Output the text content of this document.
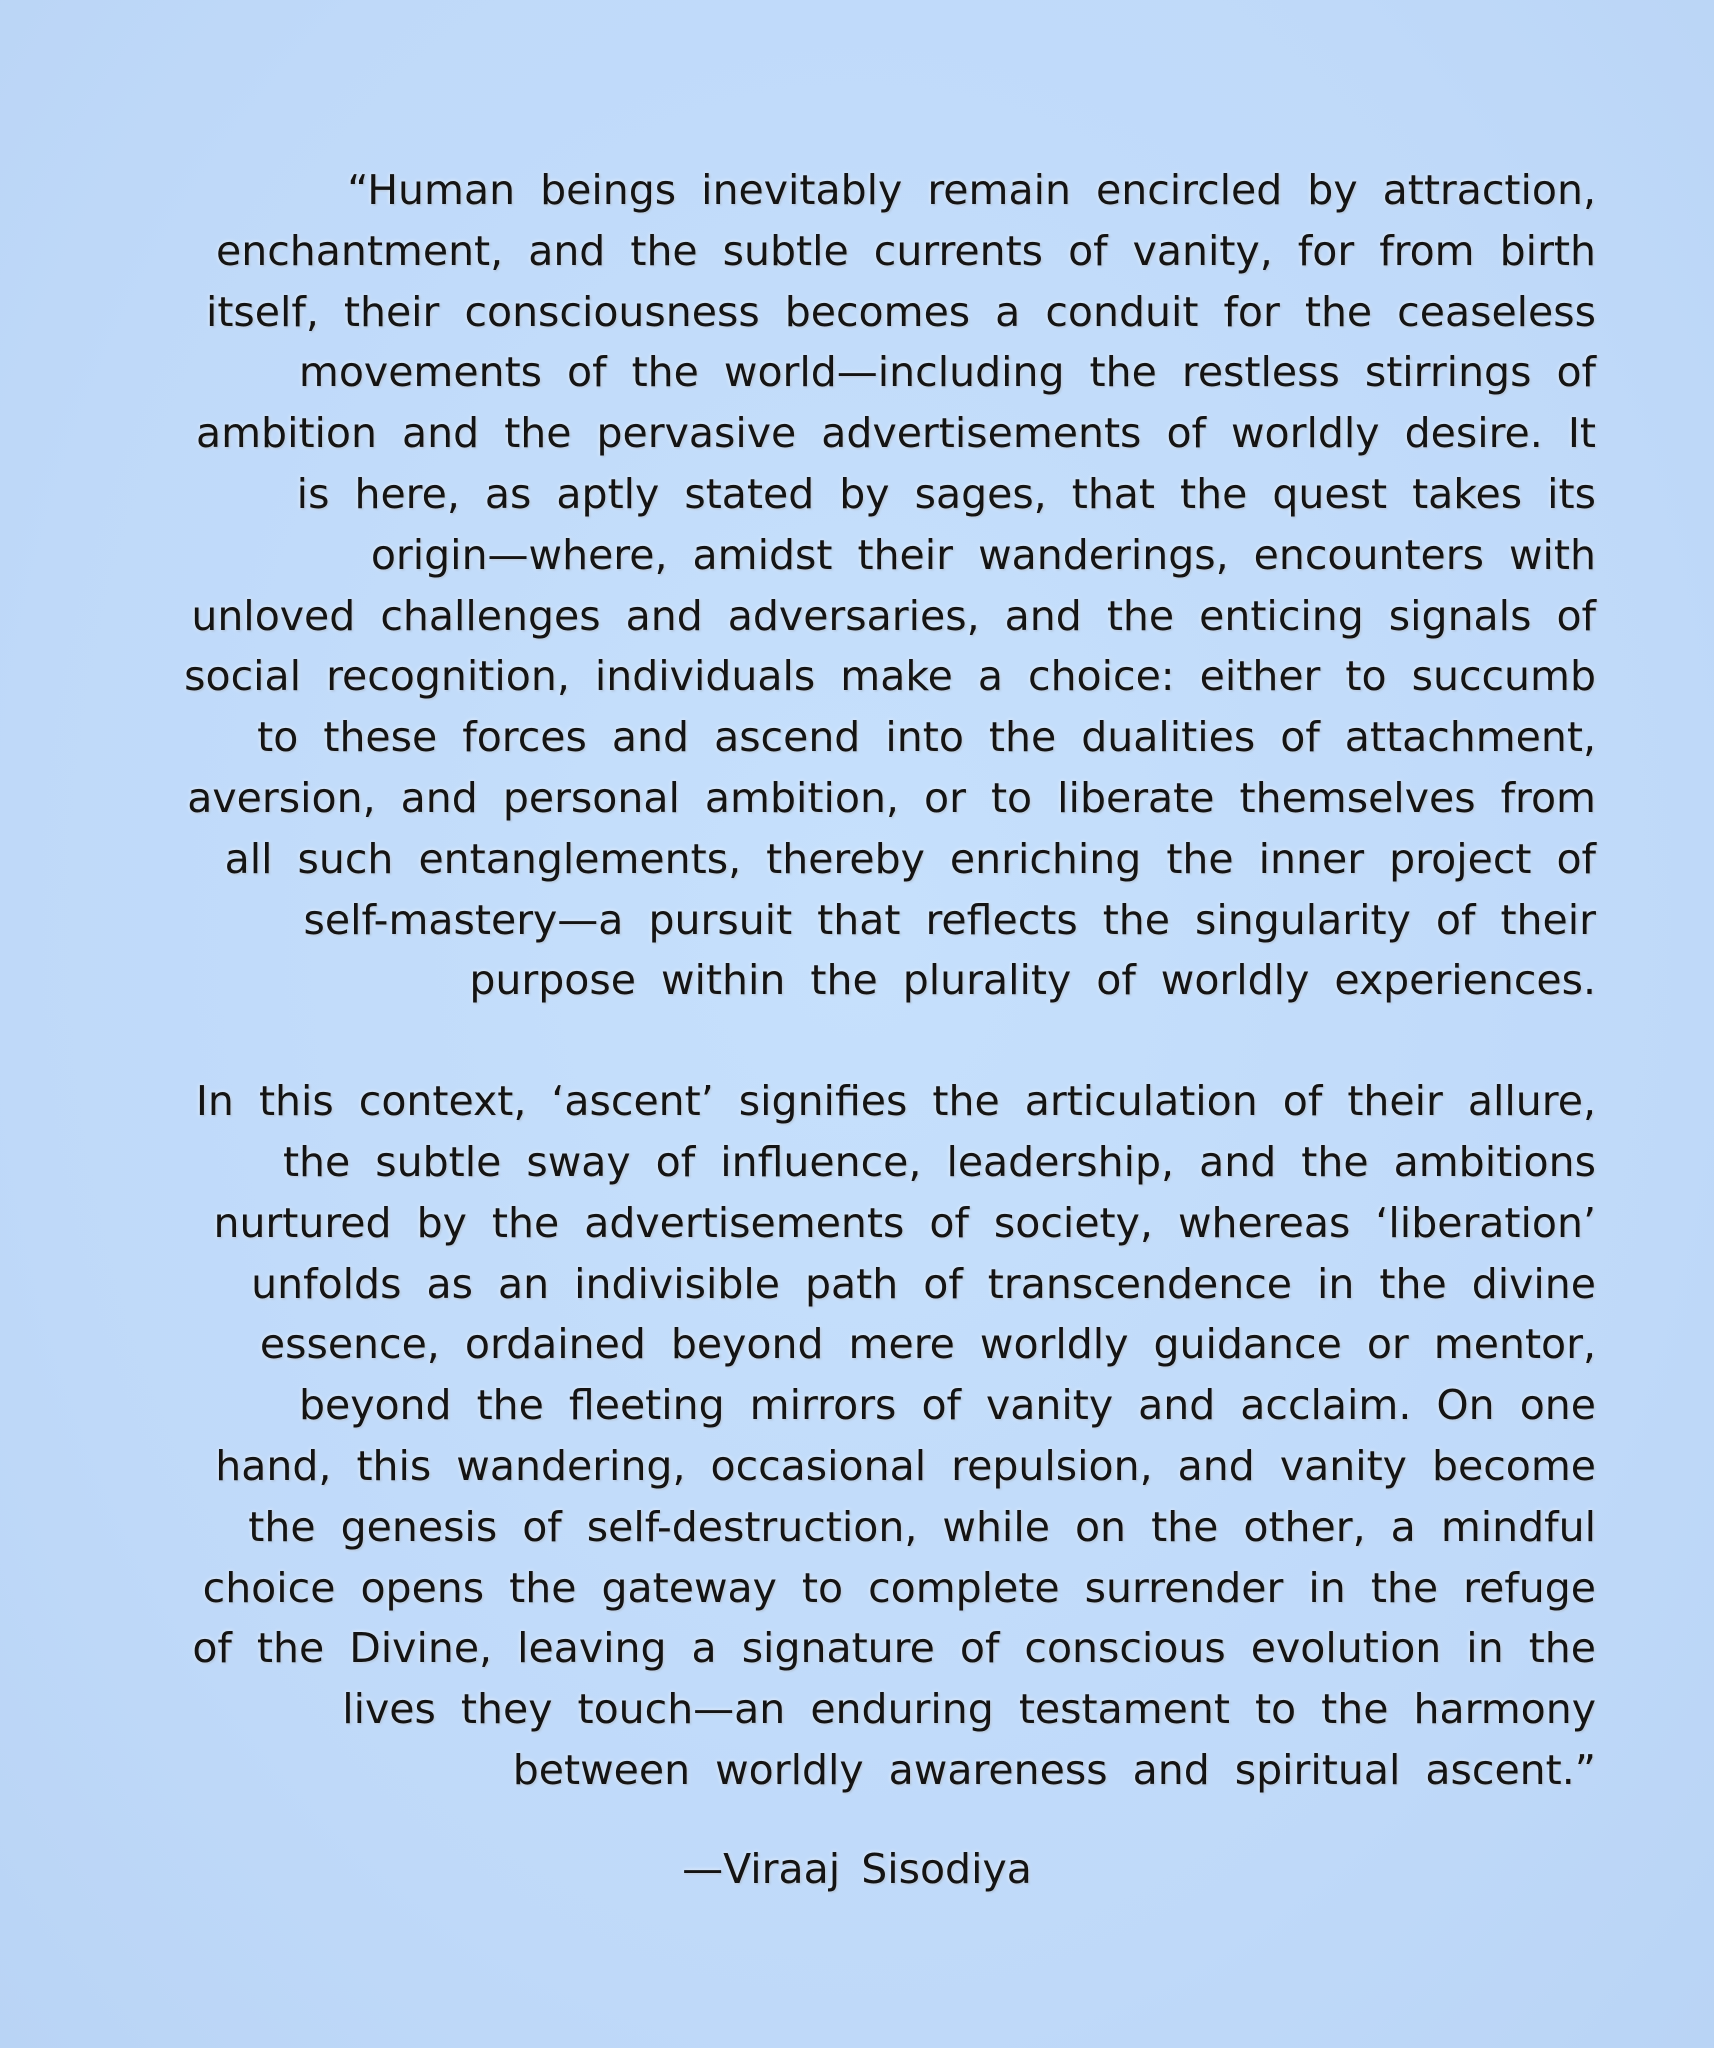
“Human beings inevitably remain encircled by attraction,
enchantment, and the subtle currents of vanity, for from birth
itself, their consciousness becomes a conduit for the ceaseless
movements of the world—including the restless stirrings of
ambition and the pervasive advertisements of worldly desire. It
is here, as aptly stated by sages, that the quest takes its
origin—where, amidst their wanderings, encounters with
unloved challenges and adversaries, and the enticing signals of
social recognition, individuals make a choice: either to succumb
to these forces and ascend into the dualities of attachment,
aversion, and personal ambition, or to liberate themselves from
all such entanglements, thereby enriching the inner project of
self-mastery—a pursuit that reflects the singularity of their
purpose within the plurality of worldly experiences.
In this context, ‘ascent’ signifies the articulation of their allure,
the subtle sway of influence, leadership, and the ambitions
nurtured by the advertisements of society, whereas ‘liberation’
unfolds as an indivisible path of transcendence in the divine
essence, ordained beyond mere worldly guidance or mentor,
beyond the fleeting mirrors of vanity and acclaim. On one
hand, this wandering, occasional repulsion, and vanity become
the genesis of self-destruction, while on the other, a mindful
choice opens the gateway to complete surrender in the refuge
of the Divine, leaving a signature of conscious evolution in the
lives they touch—an enduring testament to the harmony
between worldly awareness and spiritual ascent.”
—Viraaj Sisodiya
